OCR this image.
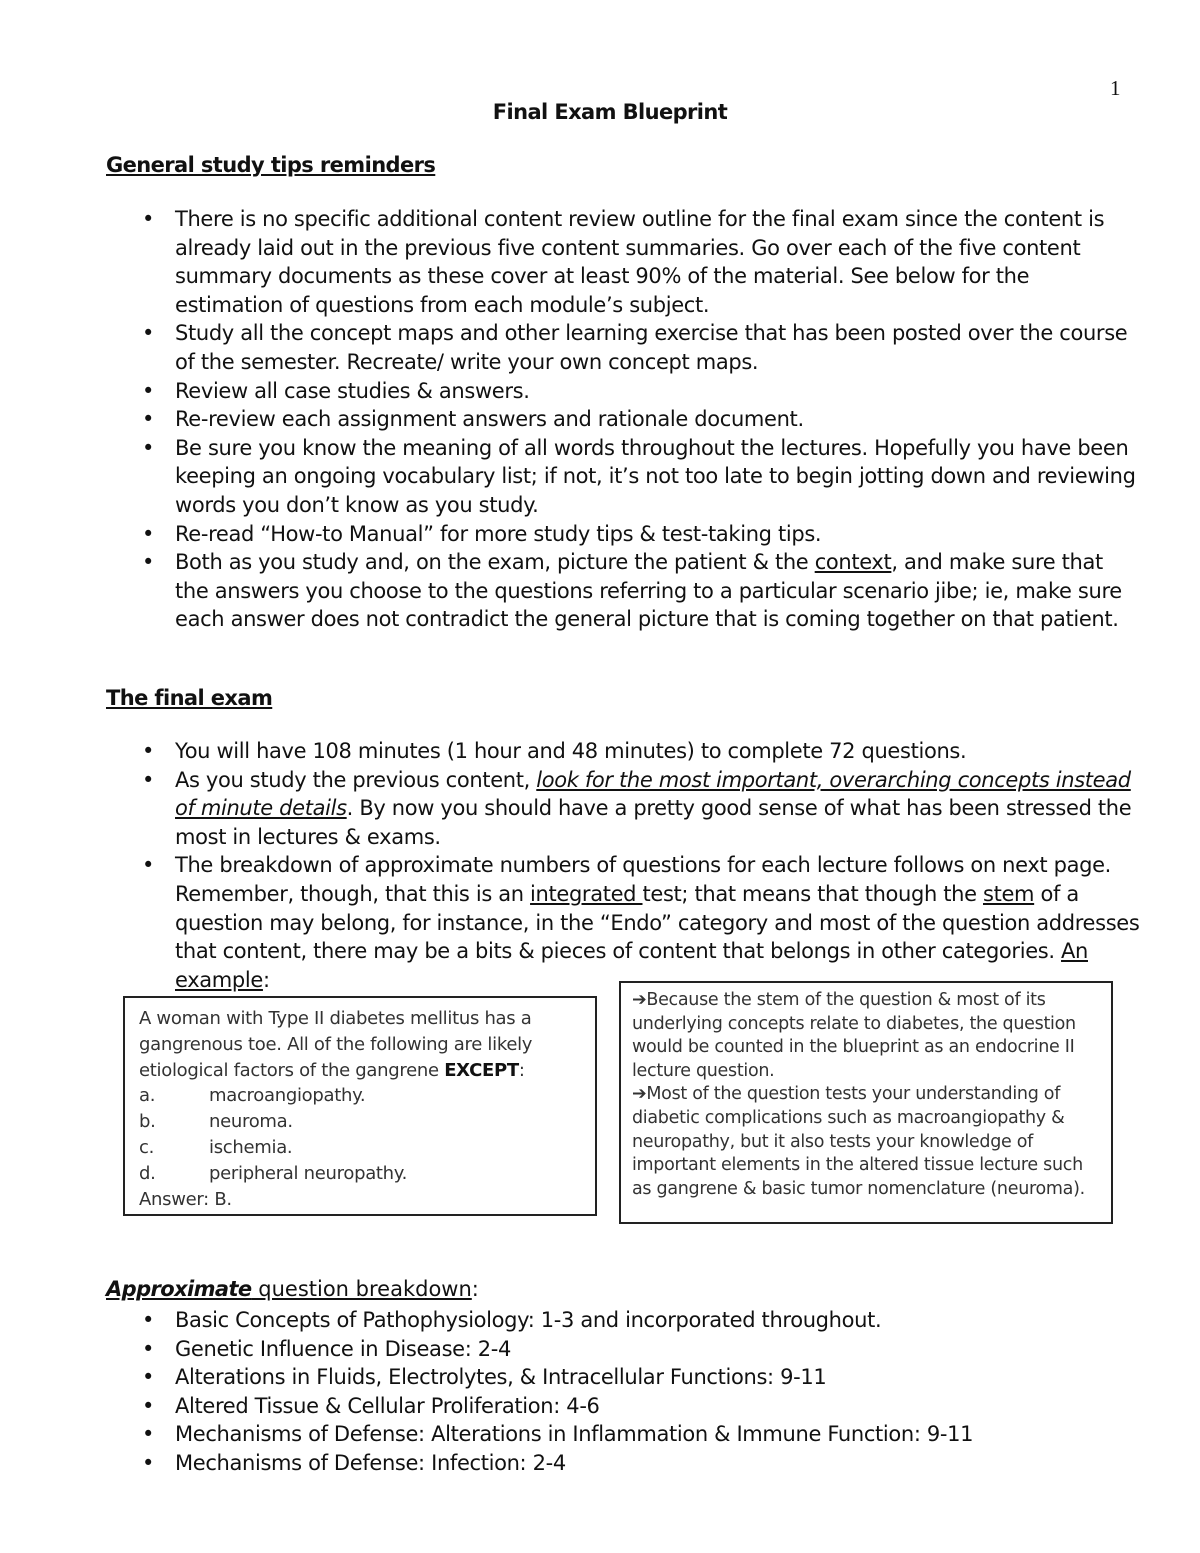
1
Final Exam Blueprint
General study tips reminders
• There is no specific additional content review outline for the final exam since the content is already laid out in the previous five content summaries. Go over each of the five content summary documents as these cover at least 90% of the material. See below for the estimation of questions from each module’s subject.
• Study all the concept maps and other learning exercise that has been posted over the course of the semester. Recreate/ write your own concept maps.
• Review all case studies & answers.
• Re-review each assignment answers and rationale document.
• Be sure you know the meaning of all words throughout the lectures. Hopefully you have been keeping an ongoing vocabulary list; if not, it’s not too late to begin jotting down and reviewing words you don’t know as you study.
• Re-read “How-to Manual” for more study tips & test-taking tips.
• Both as you study and, on the exam, picture the patient & the context, and make sure that the answers you choose to the questions referring to a particular scenario jibe; ie, make sure each answer does not contradict the general picture that is coming together on that patient.
The final exam
• You will have 108 minutes (1 hour and 48 minutes) to complete 72 questions.
• As you study the previous content, look for the most important, overarching concepts instead of minute details. By now you should have a pretty good sense of what has been stressed the most in lectures & exams.
• The breakdown of approximate numbers of questions for each lecture follows on next page. Remember, though, that this is an integrated test; that means that though the stem of a question may belong, for instance, in the “Endo” category and most of the question addresses that content, there may be a bits & pieces of content that belongs in other categories. An example:
A woman with Type II diabetes mellitus has a gangrenous toe. All of the following are likely etiological factors of the gangrene EXCEPT:
a.	macroangiopathy.
b.	neuroma.
c.	ischemia.
d.	peripheral neuropathy.
Answer: B.
➔Because the stem of the question & most of its underlying concepts relate to diabetes, the question would be counted in the blueprint as an endocrine II lecture question.
➔Most of the question tests your understanding of diabetic complications such as macroangiopathy & neuropathy, but it also tests your knowledge of important elements in the altered tissue lecture such as gangrene & basic tumor nomenclature (neuroma).
Approximate question breakdown:
• Basic Concepts of Pathophysiology: 1-3 and incorporated throughout.
• Genetic Influence in Disease: 2-4
• Alterations in Fluids, Electrolytes, & Intracellular Functions: 9-11
• Altered Tissue & Cellular Proliferation: 4-6
• Mechanisms of Defense: Alterations in Inflammation & Immune Function: 9-11
• Mechanisms of Defense: Infection: 2-4
